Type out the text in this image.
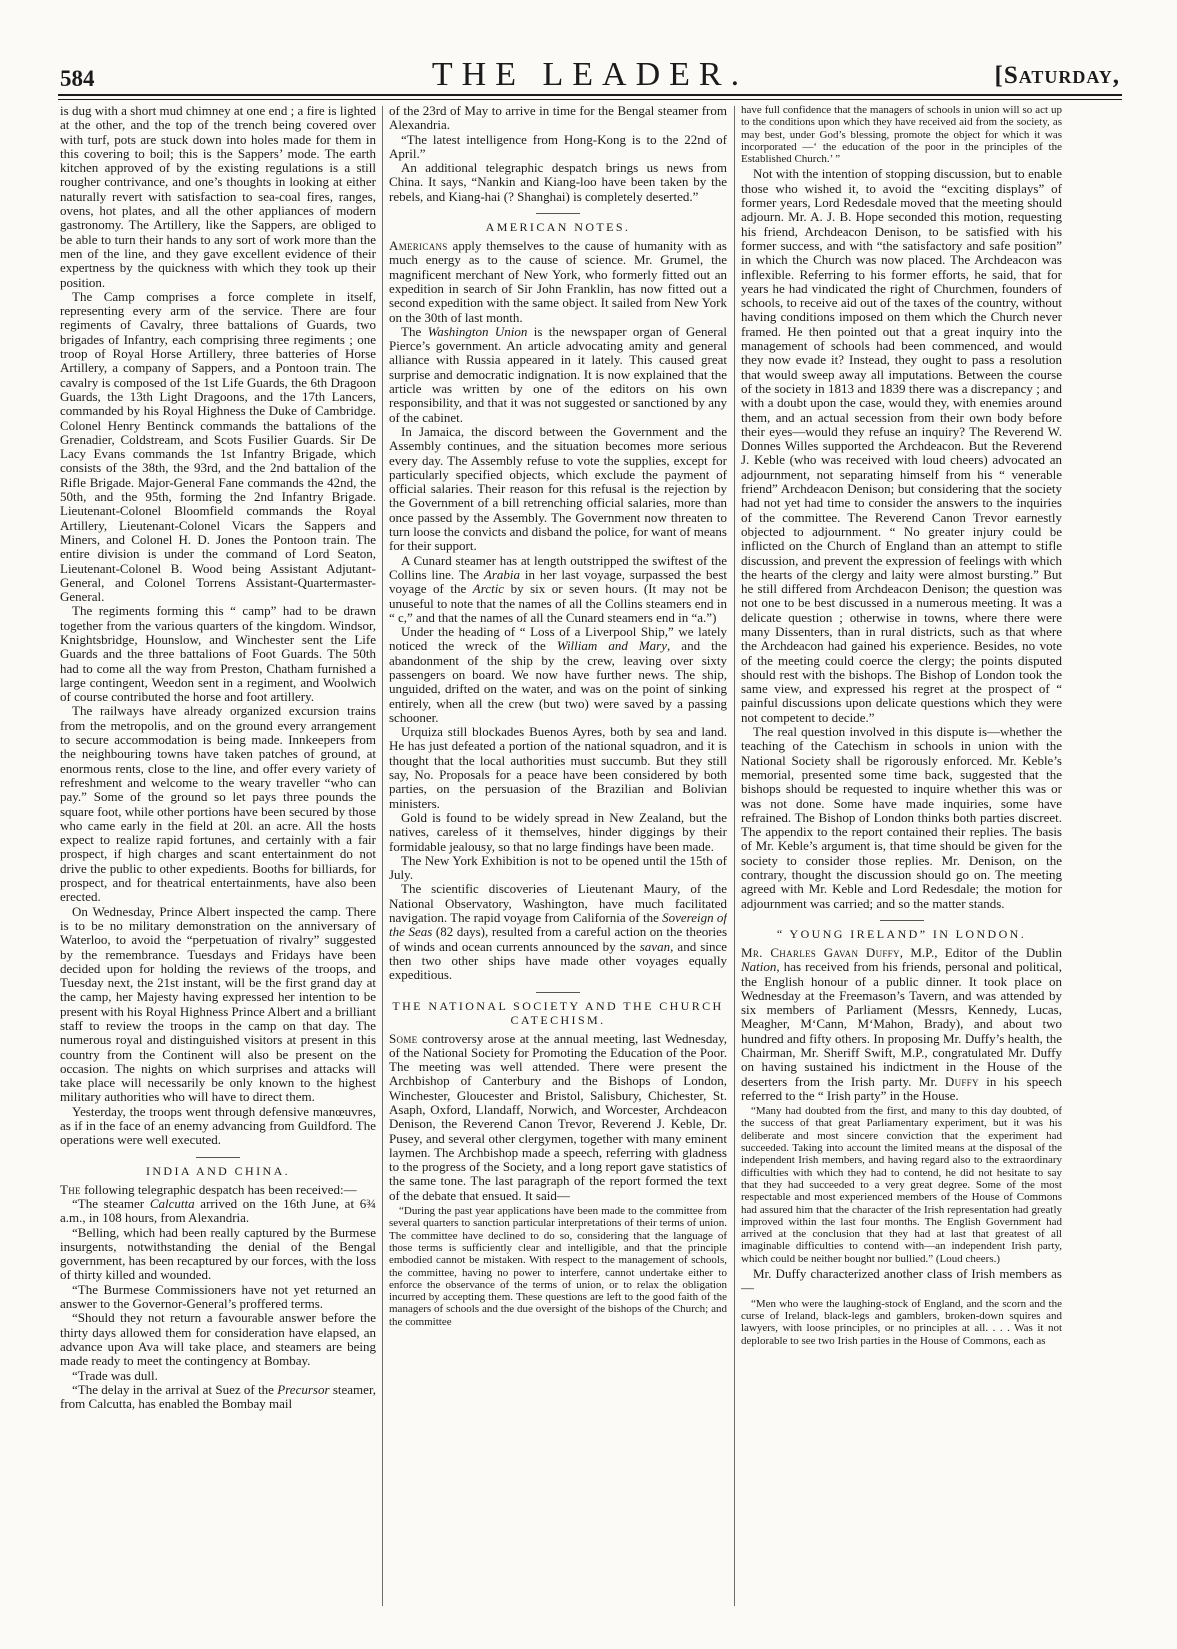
584	THE LEADER.	[Saturday,

is dug with a short mud chimney at one end ; a fire is lighted at the other, and the top of the trench being covered over with turf, pots are stuck down into holes made for them in this covering to boil; this is the Sappers’ mode. The earth kitchen approved of by the existing regulations is a still rougher contrivance, and one’s thoughts in looking at either naturally revert with satisfaction to sea-coal fires, ranges, ovens, hot plates, and all the other appliances of modern gastronomy. The Artillery, like the Sappers, are obliged to be able to turn their hands to any sort of work more than the men of the line, and they gave excellent evidence of their expertness by the quickness with which they took up their position.

The Camp comprises a force complete in itself, representing every arm of the service. There are four regiments of Cavalry, three battalions of Guards, two brigades of Infantry, each comprising three regiments ; one troop of Royal Horse Artillery, three batteries of Horse Artillery, a company of Sappers, and a Pontoon train. The cavalry is composed of the 1st Life Guards, the 6th Dragoon Guards, the 13th Light Dragoons, and the 17th Lancers, commanded by his Royal Highness the Duke of Cambridge. Colonel Henry Bentinck commands the battalions of the Grenadier, Coldstream, and Scots Fusilier Guards. Sir De Lacy Evans commands the 1st Infantry Brigade, which consists of the 38th, the 93rd, and the 2nd battalion of the Rifle Brigade. Major-General Fane commands the 42nd, the 50th, and the 95th, forming the 2nd Infantry Brigade. Lieutenant-Colonel Bloomfield commands the Royal Artillery, Lieutenant-Colonel Vicars the Sappers and Miners, and Colonel H. D. Jones the Pontoon train. The entire division is under the command of Lord Seaton, Lieutenant-Colonel B. Wood being Assistant Adjutant-General, and Colonel Torrens Assistant-Quartermaster-General.

The regiments forming this “ camp” had to be drawn together from the various quarters of the kingdom. Windsor, Knightsbridge, Hounslow, and Winchester sent the Life Guards and the three battalions of Foot Guards. The 50th had to come all the way from Preston, Chatham furnished a large contingent, Weedon sent in a regiment, and Woolwich of course contributed the horse and foot artillery.

The railways have already organized excursion trains from the metropolis, and on the ground every arrangement to secure accommodation is being made. Innkeepers from the neighbouring towns have taken patches of ground, at enormous rents, close to the line, and offer every variety of refreshment and welcome to the weary traveller “who can pay.” Some of the ground so let pays three pounds the square foot, while other portions have been secured by those who came early in the field at 20l. an acre. All the hosts expect to realize rapid fortunes, and certainly with a fair prospect, if high charges and scant entertainment do not drive the public to other expedients. Booths for billiards, for prospect, and for theatrical entertainments, have also been erected.

On Wednesday, Prince Albert inspected the camp. There is to be no military demonstration on the anniversary of Waterloo, to avoid the “perpetuation of rivalry” suggested by the remembrance. Tuesdays and Fridays have been decided upon for holding the reviews of the troops, and Tuesday next, the 21st instant, will be the first grand day at the camp, her Majesty having expressed her intention to be present with his Royal Highness Prince Albert and a brilliant staff to review the troops in the camp on that day. The numerous royal and distinguished visitors at present in this country from the Continent will also be present on the occasion. The nights on which surprises and attacks will take place will necessarily be only known to the highest military authorities who will have to direct them.

Yesterday, the troops went through defensive manœuvres, as if in the face of an enemy advancing from Guildford. The operations were well executed.

INDIA AND CHINA.

The following telegraphic despatch has been received:—

“The steamer Calcutta arrived on the 16th June, at 6¾ a.m., in 108 hours, from Alexandria.

“Belling, which had been really captured by the Burmese insurgents, notwithstanding the denial of the Bengal government, has been recaptured by our forces, with the loss of thirty killed and wounded.

“The Burmese Commissioners have not yet returned an answer to the Governor-General’s proffered terms.

“Should they not return a favourable answer before the thirty days allowed them for consideration have elapsed, an advance upon Ava will take place, and steamers are being made ready to meet the contingency at Bombay.

“Trade was dull.

“The delay in the arrival at Suez of the Precursor steamer, from Calcutta, has enabled the Bombay mail

of the 23rd of May to arrive in time for the Bengal steamer from Alexandria.

“The latest intelligence from Hong-Kong is to the 22nd of April.”

An additional telegraphic despatch brings us news from China. It says, “Nankin and Kiang-loo have been taken by the rebels, and Kiang-hai (? Shanghai) is completely deserted.”

AMERICAN NOTES.

Americans apply themselves to the cause of humanity with as much energy as to the cause of science. Mr. Grumel, the magnificent merchant of New York, who formerly fitted out an expedition in search of Sir John Franklin, has now fitted out a second expedition with the same object. It sailed from New York on the 30th of last month.

The Washington Union is the newspaper organ of General Pierce’s government. An article advocating amity and general alliance with Russia appeared in it lately. This caused great surprise and democratic indignation. It is now explained that the article was written by one of the editors on his own responsibility, and that it was not suggested or sanctioned by any of the cabinet.

In Jamaica, the discord between the Government and the Assembly continues, and the situation becomes more serious every day. The Assembly refuse to vote the supplies, except for particularly specified objects, which exclude the payment of official salaries. Their reason for this refusal is the rejection by the Government of a bill retrenching official salaries, more than once passed by the Assembly. The Government now threaten to turn loose the convicts and disband the police, for want of means for their support.

A Cunard steamer has at length outstripped the swiftest of the Collins line. The Arabia in her last voyage, surpassed the best voyage of the Arctic by six or seven hours. (It may not be unuseful to note that the names of all the Collins steamers end in “ c,” and that the names of all the Cunard steamers end in “a.”)

Under the heading of “ Loss of a Liverpool Ship,” we lately noticed the wreck of the William and Mary, and the abandonment of the ship by the crew, leaving over sixty passengers on board. We now have further news. The ship, unguided, drifted on the water, and was on the point of sinking entirely, when all the crew (but two) were saved by a passing schooner.

Urquiza still blockades Buenos Ayres, both by sea and land. He has just defeated a portion of the national squadron, and it is thought that the local authorities must succumb. But they still say, No. Proposals for a peace have been considered by both parties, on the persuasion of the Brazilian and Bolivian ministers.

Gold is found to be widely spread in New Zealand, but the natives, careless of it themselves, hinder diggings by their formidable jealousy, so that no large findings have been made.

The New York Exhibition is not to be opened until the 15th of July.

The scientific discoveries of Lieutenant Maury, of the National Observatory, Washington, have much facilitated navigation. The rapid voyage from California of the Sovereign of the Seas (82 days), resulted from a careful action on the theories of winds and ocean currents announced by the savan, and since then two other ships have made other voyages equally expeditious.

THE NATIONAL SOCIETY AND THE CHURCH CATECHISM.

Some controversy arose at the annual meeting, last Wednesday, of the National Society for Promoting the Education of the Poor. The meeting was well attended. There were present the Archbishop of Canterbury and the Bishops of London, Winchester, Gloucester and Bristol, Salisbury, Chichester, St. Asaph, Oxford, Llandaff, Norwich, and Worcester, Archdeacon Denison, the Reverend Canon Trevor, Reverend J. Keble, Dr. Pusey, and several other clergymen, together with many eminent laymen. The Archbishop made a speech, referring with gladness to the progress of the Society, and a long report gave statistics of the same tone. The last paragraph of the report formed the text of the debate that ensued. It said—

“During the past year applications have been made to the committee from several quarters to sanction particular interpretations of their terms of union. The committee have declined to do so, considering that the language of those terms is sufficiently clear and intelligible, and that the principle embodied cannot be mistaken. With respect to the management of schools, the committee, having no power to interfere, cannot undertake either to enforce the observance of the terms of union, or to relax the obligation incurred by accepting them. These questions are left to the good faith of the managers of schools and the due oversight of the bishops of the Church; and the committee

have full confidence that the managers of schools in union will so act up to the conditions upon which they have received aid from the society, as may best, under God’s blessing, promote the object for which it was incorporated —‘ the education of the poor in the principles of the Established Church.’ ”

Not with the intention of stopping discussion, but to enable those who wished it, to avoid the “exciting displays” of former years, Lord Redesdale moved that the meeting should adjourn. Mr. A. J. B. Hope seconded this motion, requesting his friend, Archdeacon Denison, to be satisfied with his former success, and with “the satisfactory and safe position” in which the Church was now placed. The Archdeacon was inflexible. Referring to his former efforts, he said, that for years he had vindicated the right of Churchmen, founders of schools, to receive aid out of the taxes of the country, without having conditions imposed on them which the Church never framed. He then pointed out that a great inquiry into the management of schools had been commenced, and would they now evade it? Instead, they ought to pass a resolution that would sweep away all imputations. Between the course of the society in 1813 and 1839 there was a discrepancy ; and with a doubt upon the case, would they, with enemies around them, and an actual secession from their own body before their eyes—would they refuse an inquiry? The Reverend W. Donnes Willes supported the Archdeacon. But the Reverend J. Keble (who was received with loud cheers) advocated an adjournment, not separating himself from his “ venerable friend” Archdeacon Denison; but considering that the society had not yet had time to consider the answers to the inquiries of the committee. The Reverend Canon Trevor earnestly objected to adjournment. “ No greater injury could be inflicted on the Church of England than an attempt to stifle discussion, and prevent the expression of feelings with which the hearts of the clergy and laity were almost bursting.” But he still differed from Archdeacon Denison; the question was not one to be best discussed in a numerous meeting. It was a delicate question ; otherwise in towns, where there were many Dissenters, than in rural districts, such as that where the Archdeacon had gained his experience. Besides, no vote of the meeting could coerce the clergy; the points disputed should rest with the bishops. The Bishop of London took the same view, and expressed his regret at the prospect of “ painful discussions upon delicate questions which they were not competent to decide.”

The real question involved in this dispute is—whether the teaching of the Catechism in schools in union with the National Society shall be rigorously enforced. Mr. Keble’s memorial, presented some time back, suggested that the bishops should be requested to inquire whether this was or was not done. Some have made inquiries, some have refrained. The Bishop of London thinks both parties discreet. The appendix to the report contained their replies. The basis of Mr. Keble’s argument is, that time should be given for the society to consider those replies. Mr. Denison, on the contrary, thought the discussion should go on. The meeting agreed with Mr. Keble and Lord Redesdale; the motion for adjournment was carried; and so the matter stands.

“ YOUNG IRELAND” IN LONDON.

Mr. Charles Gavan Duffy, M.P., Editor of the Dublin Nation, has received from his friends, personal and political, the English honour of a public dinner. It took place on Wednesday at the Freemason’s Tavern, and was attended by six members of Parliament (Messrs, Kennedy, Lucas, Meagher, M‘Cann, M‘Mahon, Brady), and about two hundred and fifty others. In proposing Mr. Duffy’s health, the Chairman, Mr. Sheriff Swift, M.P., congratulated Mr. Duffy on having sustained his indictment in the House of the deserters from the Irish party. Mr. Duffy in his speech referred to the “ Irish party” in the House.

“Many had doubted from the first, and many to this day doubted, of the success of that great Parliamentary experiment, but it was his deliberate and most sincere conviction that the experiment had succeeded. Taking into account the limited means at the disposal of the independent Irish members, and having regard also to the extraordinary difficulties with which they had to contend, he did not hesitate to say that they had succeeded to a very great degree. Some of the most respectable and most experienced members of the House of Commons had assured him that the character of the Irish representation had greatly improved within the last four months. The English Government had arrived at the conclusion that they had at last that greatest of all imaginable difficulties to contend with—an independent Irish party, which could be neither bought nor bullied.” (Loud cheers.)

Mr. Duffy characterized another class of Irish members as—

“Men who were the laughing-stock of England, and the scorn and the curse of Ireland, black-legs and gamblers, broken-down squires and lawyers, with loose principles, or no principles at all. . . . Was it not deplorable to see two Irish parties in the House of Commons, each as
